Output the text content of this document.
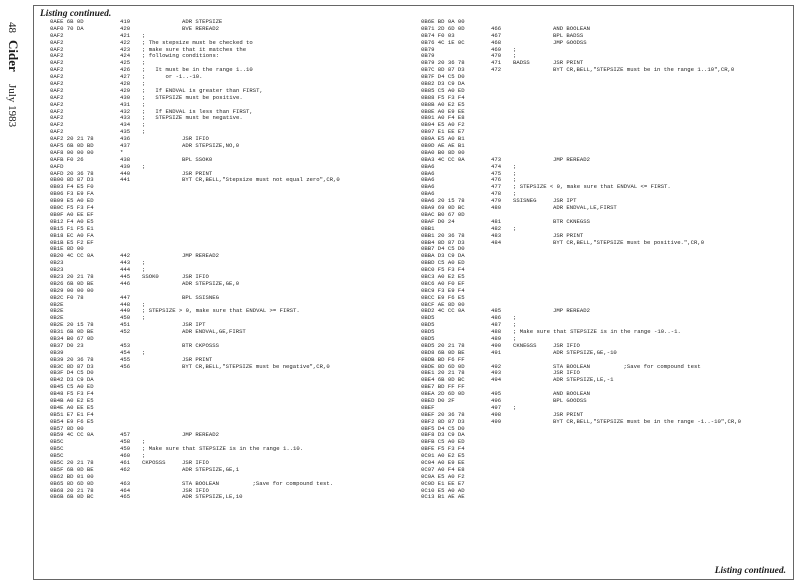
48
Cider
July 1983
Listing continued.
0AEE 6B 0D	419	ADR STEPSIZE
0AF0 70 DA	420	BVE REREAD2
0AF2	421 ;
0AF2	422 ; The stepsize must be checked to
0AF2	423 ; make sure that it matches the
0AF2	424 ; following conditions:
0AF2	425 ;
0AF2	426 ;   It must be in the range 1..10
0AF2	427 ;      or -1..-10.
0AF2	428 ;
0AF2	429 ;   If ENDVAL is greater than FIRST,
0AF2	430 ;   STEPSIZE must be positive.
0AF2	431 ;
0AF2	432 ;   If ENDVAL is less than FIRST,
0AF2	433 ;   STEPSIZE must be negative.
0AF2	434 ;
0AF2	435 ;
0AF2 20 21 78	436	JSR IFIO
0AF5 6B 0D BD	437	ADR STEPSIZE,NO,0
0AF8 00 00 00	*
0AFB F0 26	438	BPL SSOK0
0AFD	439 ;
0AFD 20 36 78	440	JSR PRINT
0B00 8D 87 D3	441	BYT CR,BELL,"Stepsize must not equal zero",CR,0
0B03 F4 E5 F0
0B06 F3 E9 FA
0B09 E5 A0 ED
0B0C F5 F3 F4
0B0F A0 EE EF
0B12 F4 A0 E5
0B15 F1 F5 E1
0B18 EC A0 FA
0B1B E5 F2 EF
0B1E 8D 00
0B20 4C CC 0A	442	JMP REREAD2
0B23	443 ;
0B23	444 ;
0B23 20 21 78	445 SSOK0	JSR IFIO
0B26 6B 0D BE	446	ADR STEPSIZE,GE,0
0B29 00 00 00
0B2C F0 78	447	BPL SSISNEG
0B2E	448 ;
0B2E	449 ; STEPSIZE > 0, make sure that ENDVAL >= FIRST.
0B2E	450 ;
0B2E 20 15 78	451	JSR IPT
0B31 6B 0D BE	452	ADR ENDVAL,GE,FIRST
0B34 B0 67 0D
0B37 D0 23	453	BTR CKPOSSS
0B39	454 ;
0B39 20 36 78	455	JSR PRINT
0B3C 8D 87 D3	456	BYT CR,BELL,"STEPSIZE must be negative",CR,0
0B3F D4 C5 D0
0B42 D3 C9 DA
0B45 C5 A0 ED
0B48 F5 F3 F4
0B4B A0 E2 E5
0B4E A0 EE E5
0B51 E7 E1 F4
0B54 E9 F6 E5
0B57 8D 00
0B59 4C CC 0A	457	JMP REREAD2
0B5C	458 ;
0B5C	459 ; Make sure that STEPSIZE is in the range 1..10.
0B5C	460 ;
0B5C 20 21 78	461 CKPOSSS	JSR IFIO
0B5F 6B 0D BE	462	ADR STEPSIZE,GE,1
0B62 BD 01 00
0B65 8D 6D 0D	463	STA BOOLEAN          ;Save for compound test.
0B68 20 21 78	464	JSR IFIO
0B6B 6B 0D BC	465	ADR STEPSIZE,LE,10
0B6E BD 0A 00
0B71 2D 6D 0D	466	AND BOOLEAN
0B74 F0 03	467	BPL BADSS
0B76 4C 1E 0C	468	JMP GOODSS
0B79	469 ;
0B79	470 ;
0B79 20 36 78	471 BADSS	JSR PRINT
0B7C 8D 87 D3	472	BYT CR,BELL,"STEPSIZE must be in the range 1..10",CR,0
0B7F D4 C5 D0
0B82 D3 C9 DA
0B85 C5 A0 ED
0B88 F5 F3 F4
0B8B A0 E2 E5
0B8E A0 E9 EE
0B91 A0 F4 E8
0B94 E5 A0 F2
0B97 E1 EE E7
0B9A E5 A0 B1
0B9D AE AE B1
0BA0 B0 8D 00
0BA3 4C CC 0A	473	JMP REREAD2
0BA6	474 ;
0BA6	475 ;
0BA6	476 ;
0BA6	477 ; STEPSIZE < 0, make sure that ENDVAL <= FIRST.
0BA6	478 ;
0BA6 20 15 78	479 SSISNEG	JSR IPT
0BA9 69 0D BC	480	ADR ENDVAL,LE,FIRST
0BAC B0 67 0D
0BAF D0 24	481	BTR CKNEGSS
0BB1	482 ;
0BB1 20 36 78	483	JSR PRINT
0BB4 8D 87 D3	484	BYT CR,BELL,"STEPSIZE must be positive.",CR,0
0BB7 D4 C5 D0
0BBA D3 C9 DA
0BBD C5 A0 ED
0BC0 F5 F3 F4
0BC3 A0 E2 E5
0BC6 A0 F0 EF
0BC9 F3 E9 F4
0BCC E9 F6 E5
0BCF AE 8D 00
0BD2 4C CC 0A	485	JMP REREAD2
0BD5	486 ;
0BD5	487 ;
0BD5	488 ; Make sure that STEPSIZE is in the range -10..-1.
0BD5	489 ;
0BD5 20 21 78	490 CKNEGSS	JSR IFIO
0BD8 6B 0D BE	491	ADR STEPSIZE,GE,-10
0BDB BD F6 FF
0BDE 8D 6D 0D	492	STA BOOLEAN          ;Save for compound test
0BE1 20 21 78	493	JSR IFIO
0BE4 6B 0D BC	494	ADR STEPSIZE,LE,-1
0BE7 BD FF FF
0BEA 2D 6D 0D	495	AND BOOLEAN
0BED D0 2F	496	BPL GOODSS
0BEF	497 ;
0BEF 20 36 78	498	JSR PRINT
0BF2 8D 87 D3	499	BYT CR,BELL,"STEPSIZE must be in the range -1..-10",CR,0
0BF5 D4 C5 D0
0BF8 D3 C9 DA
0BFB C5 A0 ED
0BFE F5 F3 F4
0C01 A0 E2 E5
0C04 A0 E9 EE
0C07 A0 F4 E8
0C0A E5 A0 F2
0C0D E1 EE E7
0C10 E5 A0 AD
0C13 B1 AE AE
Listing continued.
